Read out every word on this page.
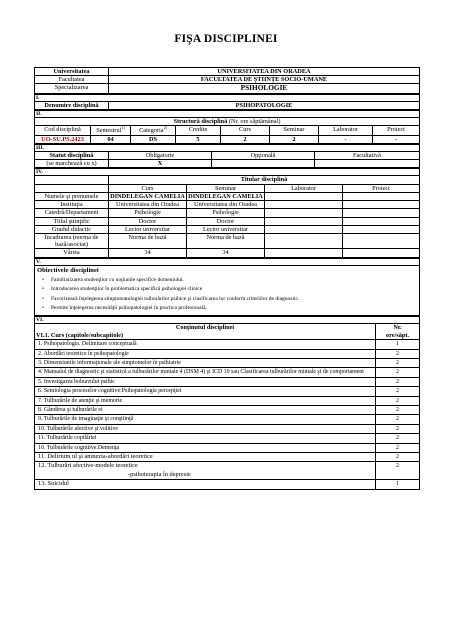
FIŞA DISCIPLINEI
Universitatea	UNIVERSITATEA DIN ORADEA
Facultatea	FACULTATEA DE ŞTIINŢE SOCIO-UMANE
Specializarea	PSIHOLOGIE
I.
Denumire disciplină	PSIHOPATOLOGIE
II.							
Structură disciplină (Nr. ore săptămânal)							
Cod disciplină	Semestrul$^{1)}$	Categoria$^{2)}$	Credite	Curs	Seminar	Laborator	Proiect
UO-SU.PS.2423	04	DS	5	2	2	-	-
III.			
Statut disciplină	Obligatorie	Opţională	Facultativă
(se marchează cu x)	X		
IV.				
	Titular disciplină			
	Curs	Seminar	Laborator	Proiect
Numele şi prenumele	DINDELEGAN CAMELIA	DINDELEGAN CAMELIA		
Instituţia	Universitatea din Oradea	Universitatea din Oradea		
Catedră/Departament	Psihologie	Psihologie		
Titlul ştiinţific	Doctor	Doctor		
Gradul didactic	Lector universitar	Lector universitar		
Încadrarea (norma de bază/asociat)	Norma de bază	Norma de bază		
Vârsta	34	34		
V.

Obiectivele disciplinei
• Familiarizarea studenţilor cu noţiunile specifice domeniului.
• Introducerea studenţilor în problematica specifică psihologiei clinice
• Favorizează înţelegerea simptomatologiei tulburărilor psihice şi clasificarea lor conform criteriilor de diagnostic.
• Permite înţelegerea necesităţii psihopatologiei în practica profesională.
VI.	
Conţinutul disciplinei	Nr.
VI.1. Curs (capitole/subcapitole)	ore/săpt.
1. Psihopatologia. Delimitare conceptuală	1
2. Abordări teoretice în psihopatologie	2
3. Dimensiunile informaţionale ale simptomelor în psihiatrie	2
4. Manualul de diagnostic şi statistică a tulburărilor mintale 4 (DSM 4) şi ICD 10 sau Clasificarea tulburărilor mintale şi de comportament	2
5. Investigarea bolnavului psihic	2
6. Semiologia proceselor cognitive:Psihopatologia percepţiei	2
7. Tulburările de atenţie şi memorie	2
8. Gândirea şi tulburările ei	2
9. Tulburările de imaginaţie şi conştiinţă	2
10. Tulburările afective şi volitive	2
11. Tulburările copilăriei	2
10. Tulburările cognitive.Demenţa	2
11. Delirium ul şi amnezia-abordări teoretice	2
12. Tulburări afective-modele teoretice
-psihoterapia în depresie	2
13. Suicidul	1
